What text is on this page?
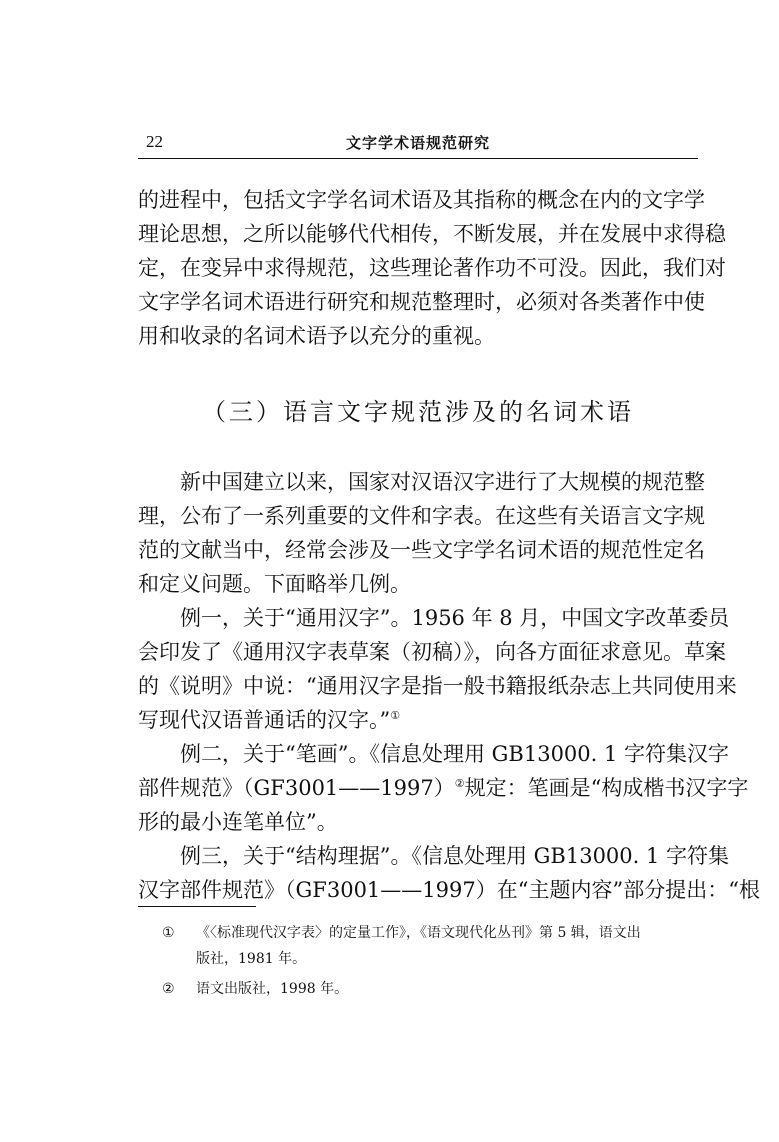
22	文字学术语规范研究
的进程中，包括文字学名词术语及其指称的概念在内的文字学
理论思想，之所以能够代代相传，不断发展，并在发展中求得稳
定，在变异中求得规范，这些理论著作功不可没。因此，我们对
文字学名词术语进行研究和规范整理时，必须对各类著作中使
用和收录的名词术语予以充分的重视。
（三）语言文字规范涉及的名词术语
新中国建立以来，国家对汉语汉字进行了大规模的规范整
理，公布了一系列重要的文件和字表。在这些有关语言文字规
范的文献当中，经常会涉及一些文字学名词术语的规范性定名
和定义问题。下面略举几例。
例一，关于“通用汉字”。1956 年 8 月，中国文字改革委员
会印发了《通用汉字表草案（初稿）》，向各方面征求意见。草案
的《说明》中说：“通用汉字是指一般书籍报纸杂志上共同使用来
写现代汉语普通话的汉字。”①
例二，关于“笔画”。《信息处理用 GB13000. 1 字符集汉字
部件规范》（GF3001——1997）②规定：笔画是“构成楷书汉字字
形的最小连笔单位”。
例三，关于“结构理据”。《信息处理用 GB13000. 1 字符集
汉字部件规范》（GF3001——1997）在“主题内容”部分提出：“根
① 《〈标准现代汉字表〉的定量工作》，《语文现代化丛刊》第 5 辑，语文出
版社，1981 年。
② 语文出版社，1998 年。
